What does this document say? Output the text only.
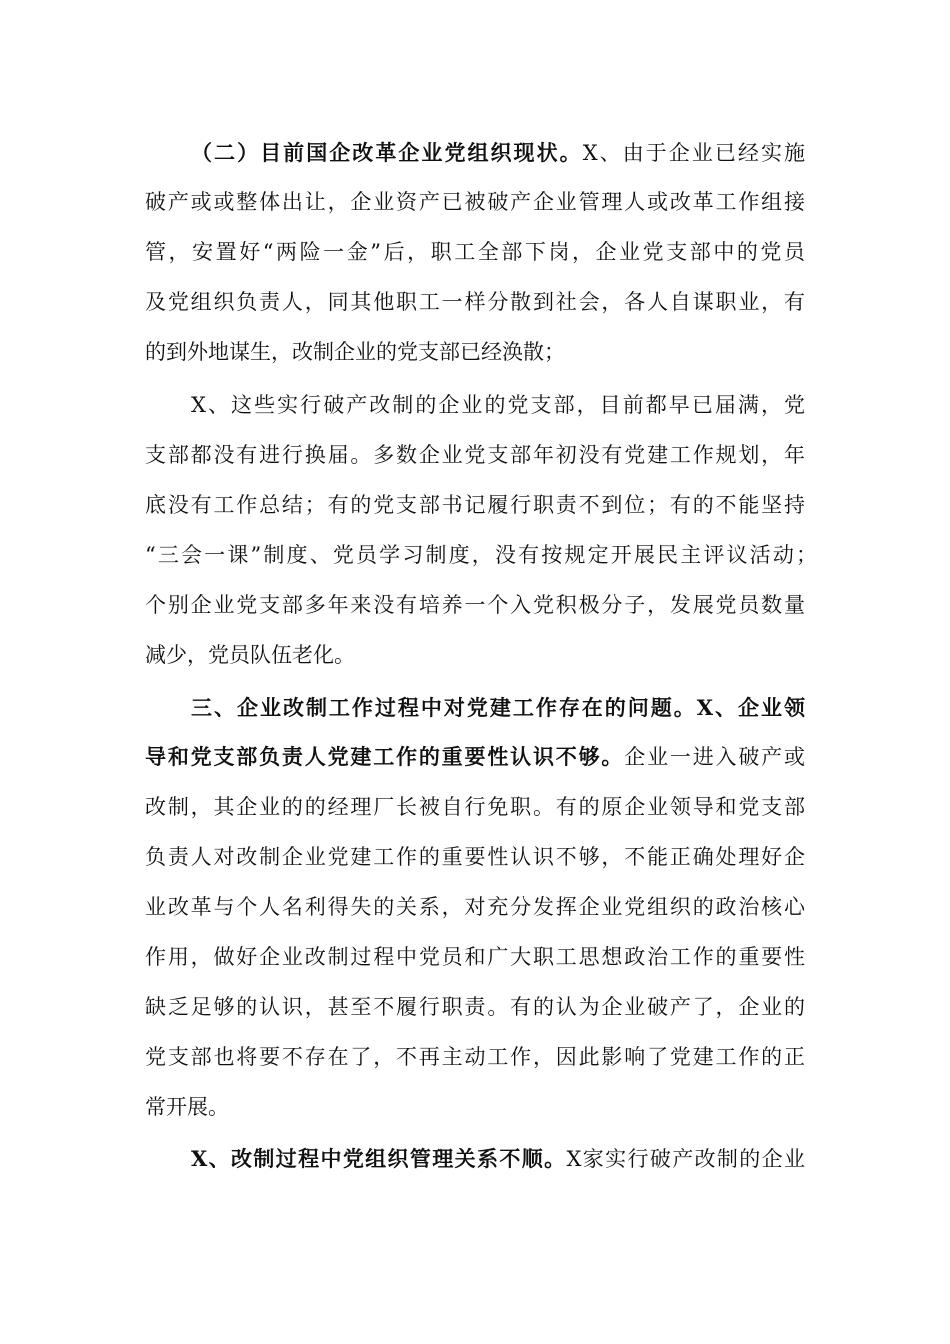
（二）目前国企改革企业党组织现状。X、由于企业已经实施
破产或或整体出让，企业资产已被破产企业管理人或改革工作组接
管，安置好“两险一金”后，职工全部下岗，企业党支部中的党员
及党组织负责人，同其他职工一样分散到社会，各人自谋职业，有
的到外地谋生，改制企业的党支部已经涣散；
X、这些实行破产改制的企业的党支部，目前都早已届满，党
支部都没有进行换届。多数企业党支部年初没有党建工作规划，年
底没有工作总结；有的党支部书记履行职责不到位；有的不能坚持
“三会一课”制度、党员学习制度，没有按规定开展民主评议活动；
个别企业党支部多年来没有培养一个入党积极分子，发展党员数量
减少，党员队伍老化。
三、企业改制工作过程中对党建工作存在的问题。X、企业领
导和党支部负责人党建工作的重要性认识不够。企业一进入破产或
改制，其企业的的经理厂长被自行免职。有的原企业领导和党支部
负责人对改制企业党建工作的重要性认识不够，不能正确处理好企
业改革与个人名利得失的关系，对充分发挥企业党组织的政治核心
作用，做好企业改制过程中党员和广大职工思想政治工作的重要性
缺乏足够的认识，甚至不履行职责。有的认为企业破产了，企业的
党支部也将要不存在了，不再主动工作，因此影响了党建工作的正
常开展。
X、改制过程中党组织管理关系不顺。X家实行破产改制的企业
